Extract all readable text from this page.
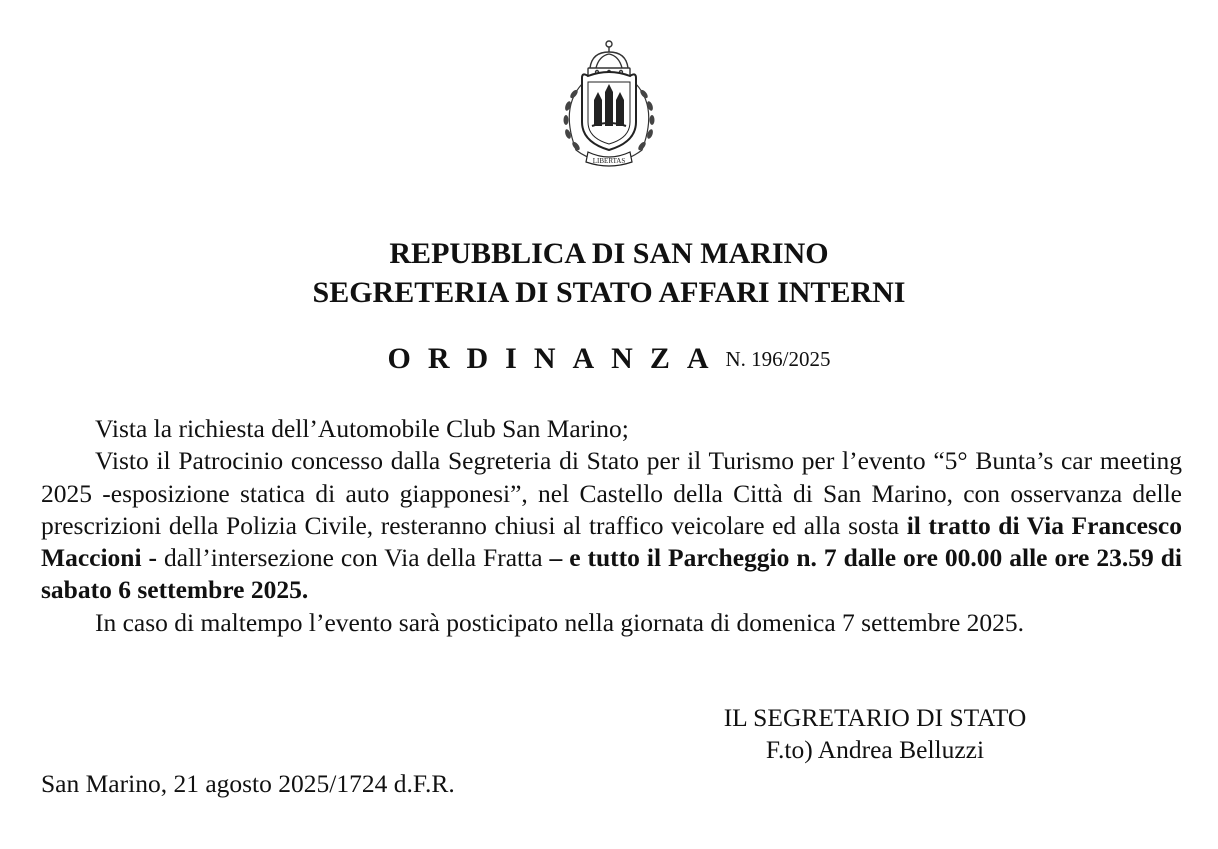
LIBERTAS
REPUBBLICA DI SAN MARINO
SEGRETERIA DI STATO AFFARI INTERNI
ORDINANZAN. 196/2025

Vista la richiesta dell’Automobile Club San Marino;

Visto il Patrocinio concesso dalla Segreteria di Stato per il Turismo per l’evento “5° Bunta’s car meeting 2025 -esposizione statica di auto giapponesi”, nel Castello della Città di San Marino, con osservanza delle prescrizioni della Polizia Civile, resteranno chiusi al traffico veicolare ed alla sosta il tratto di Via Francesco Maccioni - dall’intersezione con Via della Fratta – e tutto il Parcheggio n. 7 dalle ore 00.00 alle ore 23.59 di sabato 6 settembre 2025.

In caso di maltempo l’evento sarà posticipato nella giornata di domenica 7 settembre 2025.

IL SEGRETARIO DI STATO
F.to) Andrea Belluzzi
San Marino, 21 agosto 2025/1724 d.F.R.
